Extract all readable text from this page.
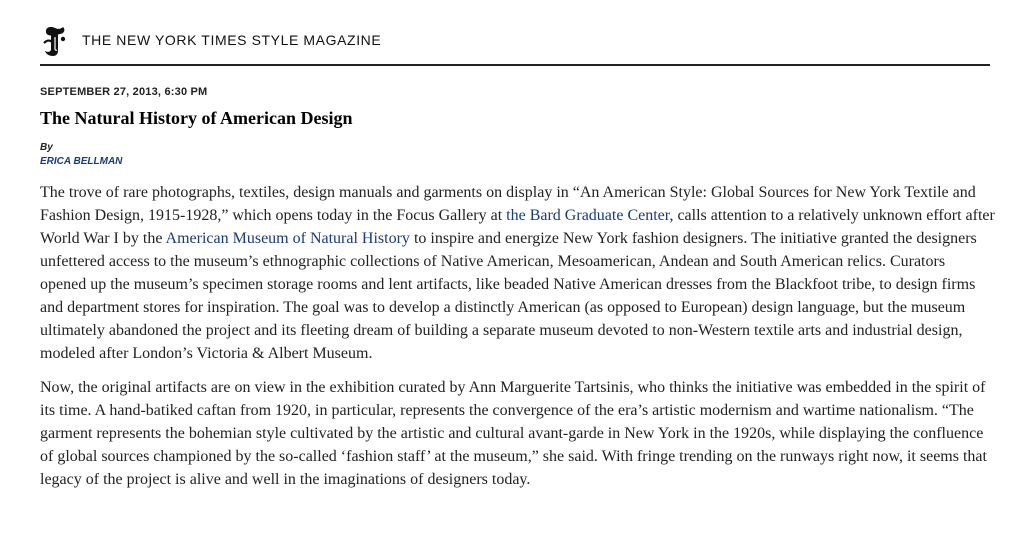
THE NEW YORK TIMES STYLE MAGAZINE
SEPTEMBER 27, 2013, 6:30 PM
The Natural History of American Design
By
ERICA BELLMAN

The trove of rare photographs, textiles, design manuals and garments on display in “An American Style: Global Sources for New York Textile and Fashion Design, 1915-1928,” which opens today in the Focus Gallery at the Bard Graduate Center, calls attention to a relatively unknown effort after World War I by the American Museum of Natural History to inspire and energize New York fashion designers. The initiative granted the designers unfettered access to the museum’s ethnographic collections of Native American, Mesoamerican, Andean and South American relics. Curators opened up the museum’s specimen storage rooms and lent artifacts, like beaded Native American dresses from the Blackfoot tribe, to design firms and department stores for inspiration. The goal was to develop a distinctly American (as opposed to European) design language, but the museum ultimately abandoned the project and its fleeting dream of building a separate museum devoted to non-Western textile arts and industrial design, modeled after London’s Victoria & Albert Museum.

Now, the original artifacts are on view in the exhibition curated by Ann Marguerite Tartsinis, who thinks the initiative was embedded in the spirit of its time. A hand-batiked caftan from 1920, in particular, represents the convergence of the era’s artistic modernism and wartime nationalism. “The garment represents the bohemian style cultivated by the artistic and cultural avant-garde in New York in the 1920s, while displaying the confluence of global sources championed by the so-called ‘fashion staff’ at the museum,” she said. With fringe trending on the runways right now, it seems that legacy of the project is alive and well in the imaginations of designers today.
